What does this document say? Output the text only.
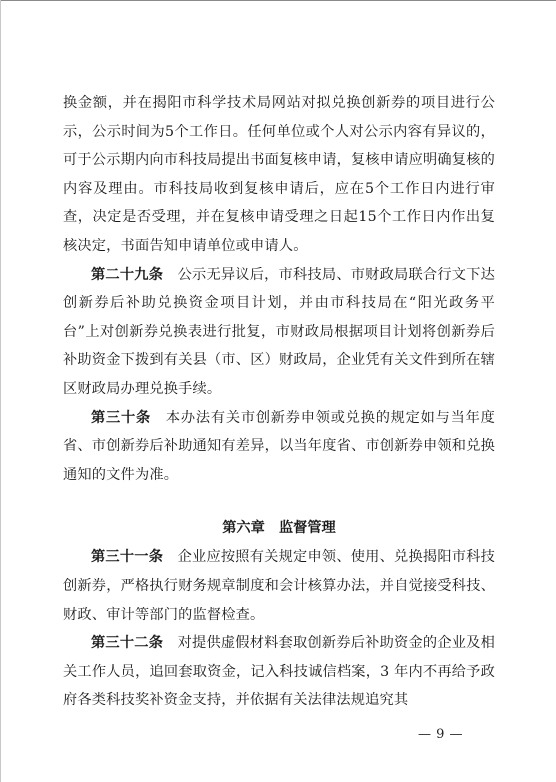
换金额，并在揭阳市科学技术局网站对拟兑换创新券的项目进行公示，公示时间为5个工作日。任何单位或个人对公示内容有异议的，可于公示期内向市科技局提出书面复核申请，复核申请应明确复核的内容及理由。市科技局收到复核申请后，应在5个工作日内进行审查，决定是否受理，并在复核申请受理之日起15个工作日内作出复核决定，书面告知申请单位或申请人。

第二十九条　 公示无异议后，市科技局、市财政局联合行文下达创新券后补助兑换资金项目计划，并由市科技局在“阳光政务平台”上对创新券兑换表进行批复，市财政局根据项目计划将创新券后补助资金下拨到有关县（市、区）财政局，企业凭有关文件到所在辖区财政局办理兑换手续。

第三十条　 本办法有关市创新券申领或兑换的规定如与当年度省、市创新券后补助通知有差异，以当年度省、市创新券申领和兑换通知的文件为准。

第六章　监督管理

第三十一条　 企业应按照有关规定申领、使用、兑换揭阳市科技创新券，严格执行财务规章制度和会计核算办法，并自觉接受科技、财政、审计等部门的监督检查。

第三十二条　 对提供虚假材料套取创新券后补助资金的企业及相关工作人员，追回套取资金，记入科技诚信档案，3 年内不再给予政府各类科技奖补资金支持，并依据有关法律法规追究其

— 9 —
